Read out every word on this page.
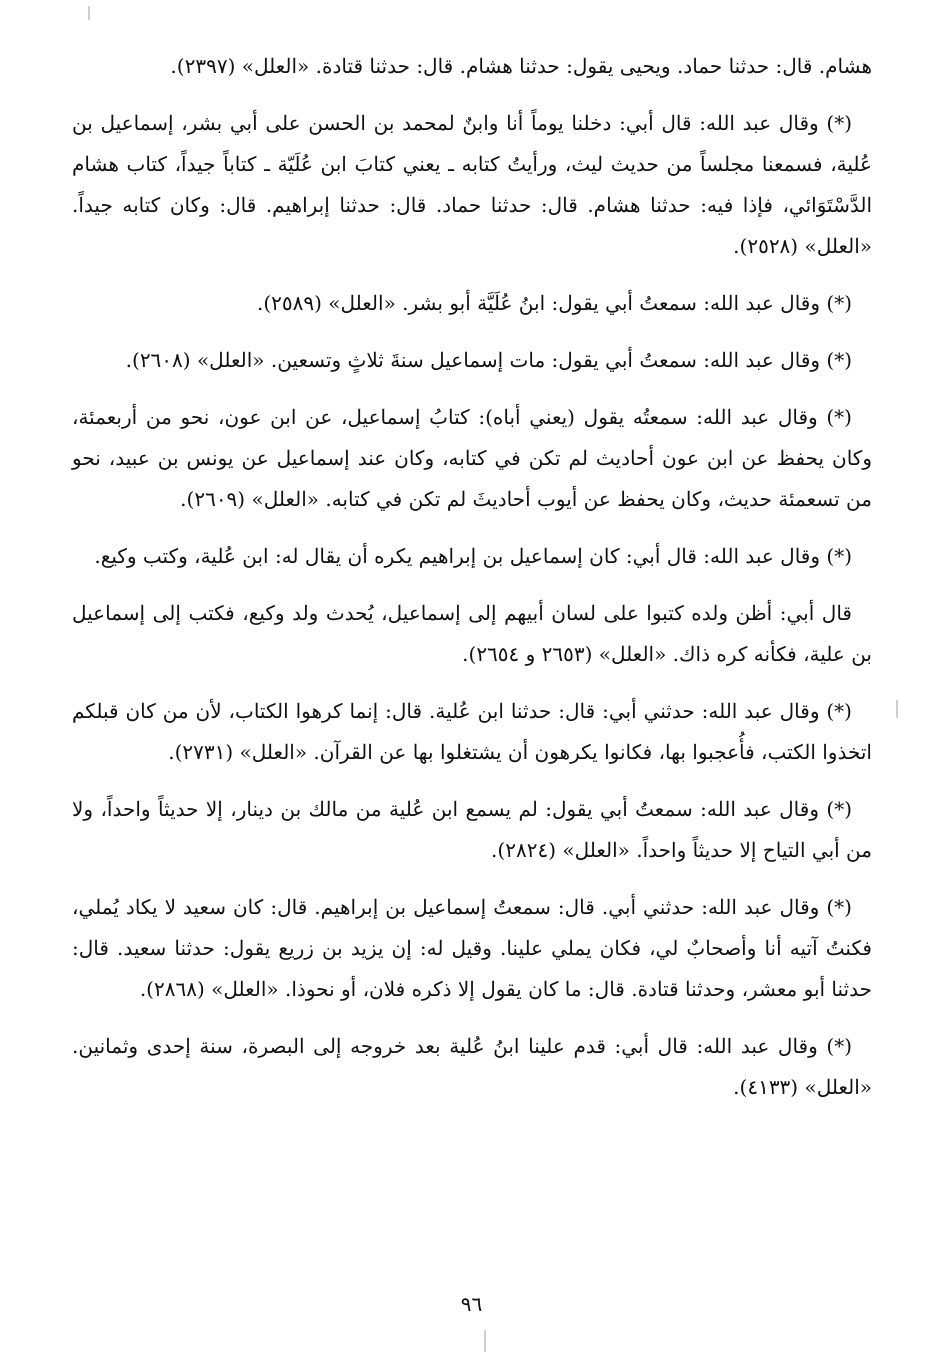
هشام. قال: حدثنا حماد. ويحيى يقول: حدثنا هشام. قال: حدثنا قتادة. «العلل» (٢٣٩٧).

(*) وقال عبد الله: قال أبي: دخلنا يوماً أنا وابنٌ لمحمد بن الحسن على أبي بشر، إسماعيل بن عُلية، فسمعنا مجلساً من حديث ليث، ورأيتُ كتابه ـ يعني كتابَ ابن عُلَيّة ـ كتاباً جيداً، كتاب هشام الدَّسْتَوَائي، فإذا فيه: حدثنا هشام. قال: حدثنا حماد. قال: حدثنا إبراهيم. قال: وكان كتابه جيداً. «العلل» (٢٥٢٨).

(*) وقال عبد الله: سمعتُ أبي يقول: ابنُ عُلَيَّة أبو بشر. «العلل» (٢٥٨٩).

(*) وقال عبد الله: سمعتُ أبي يقول: مات إسماعيل سنةَ ثلاثٍ وتسعين. «العلل» (٢٦٠٨).

(*) وقال عبد الله: سمعتُه يقول (يعني أباه): كتابُ إسماعيل، عن ابن عون، نحو من أربعمئة، وكان يحفظ عن ابن عون أحاديث لم تكن في كتابه، وكان عند إسماعيل عن يونس بن عبيد، نحو من تسعمئة حديث، وكان يحفظ عن أيوب أحاديثَ لم تكن في كتابه. «العلل» (٢٦٠٩).

(*) وقال عبد الله: قال أبي: كان إسماعيل بن إبراهيم يكره أن يقال له: ابن عُلية، وكتب وكيع.

قال أبي: أظن ولده كتبوا على لسان أبيهم إلى إسماعيل، يُحدث ولد وكيع، فكتب إلى إسماعيل بن علية، فكأنه كره ذاك. «العلل» (٢٦٥٣ و ٢٦٥٤).

(*) وقال عبد الله: حدثني أبي: قال: حدثنا ابن عُلية. قال: إنما كرهوا الكتاب، لأن من كان قبلكم اتخذوا الكتب، فأُعجبوا بها، فكانوا يكرهون أن يشتغلوا بها عن القرآن. «العلل» (٢٧٣١).

(*) وقال عبد الله: سمعتُ أبي يقول: لم يسمع ابن عُلية من مالك بن دينار، إلا حديثاً واحداً، ولا من أبي التياح إلا حديثاً واحداً. «العلل» (٢٨٢٤).

(*) وقال عبد الله: حدثني أبي. قال: سمعتُ إسماعيل بن إبراهيم. قال: كان سعيد لا يكاد يُملي، فكنتُ آتيه أنا وأصحابٌ لي، فكان يملي علينا. وقيل له: إن يزيد بن زريع يقول: حدثنا سعيد. قال: حدثنا أبو معشر، وحدثنا قتادة. قال: ما كان يقول إلا ذكره فلان، أو نحوذا. «العلل» (٢٨٦٨).

(*) وقال عبد الله: قال أبي: قدم علينا ابنُ عُلية بعد خروجه إلى البصرة، سنة إحدى وثمانين. «العلل» (٤١٣٣).

٩٦
